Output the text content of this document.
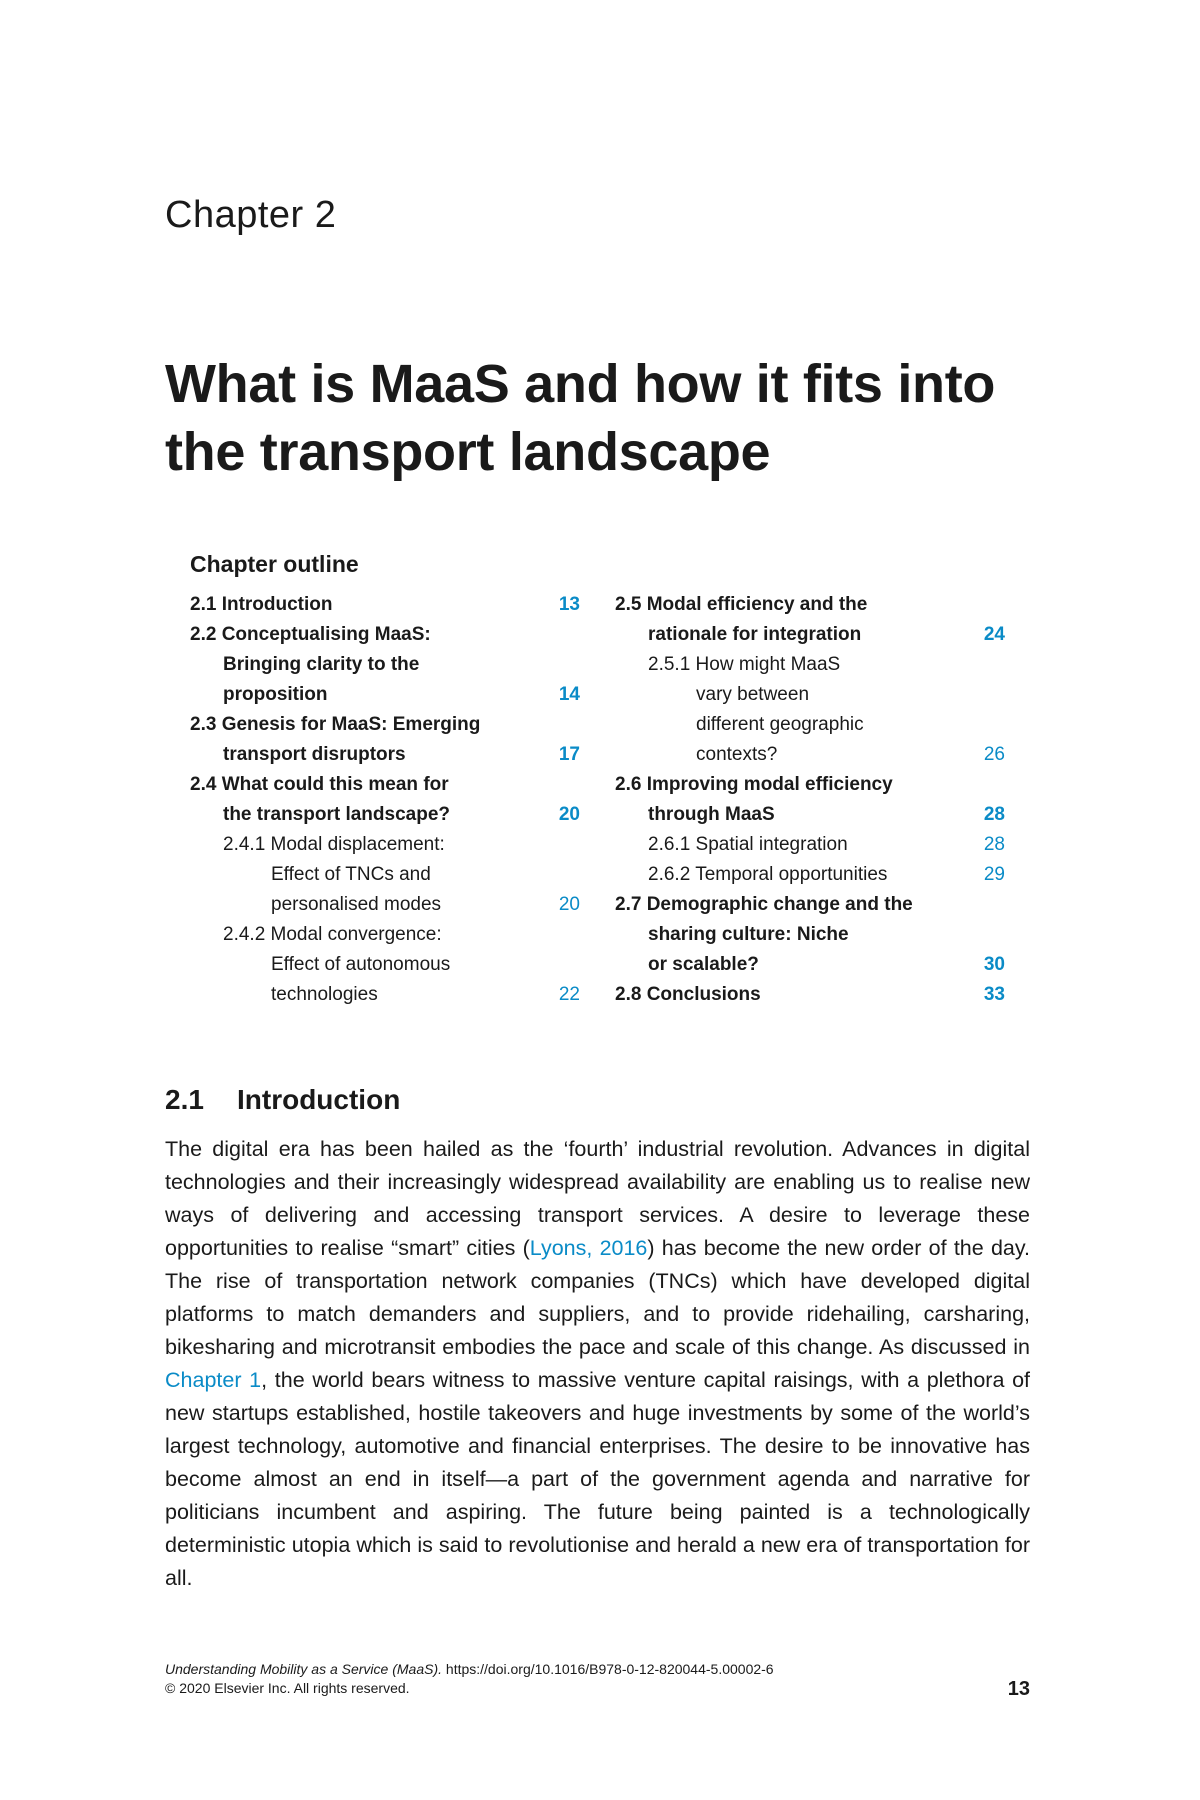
Chapter 2
What is MaaS and how it fits into
the transport landscape
Chapter outline
2.1 Introduction	13
2.2 Conceptualising MaaS:
Bringing clarity to the
proposition	14
2.3 Genesis for MaaS: Emerging
transport disruptors	17
2.4 What could this mean for
the transport landscape?	20
2.4.1 Modal displacement:
Effect of TNCs and
personalised modes	20
2.4.2 Modal convergence:
Effect of autonomous
technologies	22
2.5 Modal efficiency and the
rationale for integration	24
2.5.1 How might MaaS
vary between
different geographic
contexts?	26
2.6 Improving modal efficiency
through MaaS	28
2.6.1 Spatial integration	28
2.6.2 Temporal opportunities	29
2.7 Demographic change and the
sharing culture: Niche
or scalable?	30
2.8 Conclusions	33
2.1 Introduction

The digital era has been hailed as the ‘fourth’ industrial revolution. Advances in digital technologies and their increasingly widespread availability are enabling us to realise new ways of delivering and accessing transport services. A desire to leverage these opportunities to realise “smart” cities (Lyons, 2016) has become the new order of the day. The rise of transportation network companies (TNCs) which have developed digital platforms to match demanders and suppliers, and to provide ridehailing, carsharing, bikesharing and microtransit embodies the pace and scale of this change. As discussed in Chapter 1, the world bears witness to massive venture capital raisings, with a plethora of new startups established, hostile takeovers and huge investments by some of the world’s largest technology, automotive and financial enterprises. The desire to be innovative has become almost an end in itself—a part of the government agenda and narrative for politicians incumbent and aspiring. The future being painted is a technologically deterministic utopia which is said to revolutionise and herald a new era of transportation for all.

Understanding Mobility as a Service (MaaS). https://doi.org/10.1016/B978-0-12-820044-5.00002-6
© 2020 Elsevier Inc. All rights reserved.	13
